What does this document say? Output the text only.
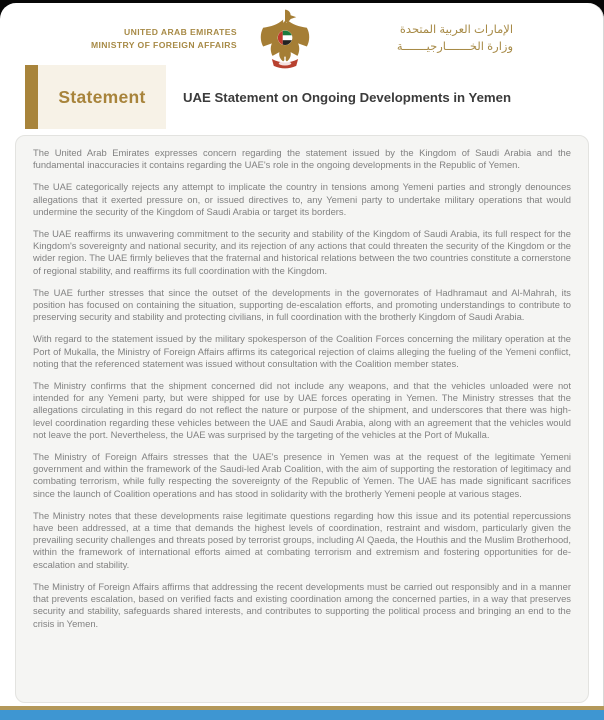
UNITED ARAB EMIRATES
MINISTRY OF FOREIGN AFFAIRS
الإمارات العربية المتحدة
وزارة الخـــــــارجيـــــــة
Statement	UAE Statement on Ongoing Developments in Yemen

The United Arab Emirates expresses concern regarding the statement issued by the Kingdom of Saudi Arabia and the fundamental inaccuracies it contains regarding the UAE's role in the ongoing developments in the Republic of Yemen.

The UAE categorically rejects any attempt to implicate the country in tensions among Yemeni parties and strongly denounces allegations that it exerted pressure on, or issued directives to, any Yemeni party to undertake military operations that would undermine the security of the Kingdom of Saudi Arabia or target its borders.

The UAE reaffirms its unwavering commitment to the security and stability of the Kingdom of Saudi Arabia, its full respect for the Kingdom's sovereignty and national security, and its rejection of any actions that could threaten the security of the Kingdom or the wider region. The UAE firmly believes that the fraternal and historical relations between the two countries constitute a cornerstone of regional stability, and reaffirms its full coordination with the Kingdom.

The UAE further stresses that since the outset of the developments in the governorates of Hadhramaut and Al-Mahrah, its position has focused on containing the situation, supporting de-escalation efforts, and promoting understandings to contribute to preserving security and stability and protecting civilians, in full coordination with the brotherly Kingdom of Saudi Arabia.

With regard to the statement issued by the military spokesperson of the Coalition Forces concerning the military operation at the Port of Mukalla, the Ministry of Foreign Affairs affirms its categorical rejection of claims alleging the fueling of the Yemeni conflict, noting that the referenced statement was issued without consultation with the Coalition member states.

The Ministry confirms that the shipment concerned did not include any weapons, and that the vehicles unloaded were not intended for any Yemeni party, but were shipped for use by UAE forces operating in Yemen. The Ministry stresses that the allegations circulating in this regard do not reflect the nature or purpose of the shipment, and underscores that there was high-level coordination regarding these vehicles between the UAE and Saudi Arabia, along with an agreement that the vehicles would not leave the port. Nevertheless, the UAE was surprised by the targeting of the vehicles at the Port of Mukalla.

The Ministry of Foreign Affairs stresses that the UAE's presence in Yemen was at the request of the legitimate Yemeni government and within the framework of the Saudi-led Arab Coalition, with the aim of supporting the restoration of legitimacy and combating terrorism, while fully respecting the sovereignty of the Republic of Yemen. The UAE has made significant sacrifices since the launch of Coalition operations and has stood in solidarity with the brotherly Yemeni people at various stages.

The Ministry notes that these developments raise legitimate questions regarding how this issue and its potential repercussions have been addressed, at a time that demands the highest levels of coordination, restraint and wisdom, particularly given the prevailing security challenges and threats posed by terrorist groups, including Al Qaeda, the Houthis and the Muslim Brotherhood, within the framework of international efforts aimed at combating terrorism and extremism and fostering opportunities for de-escalation and stability.

The Ministry of Foreign Affairs affirms that addressing the recent developments must be carried out responsibly and in a manner that prevents escalation, based on verified facts and existing coordination among the concerned parties, in a way that preserves security and stability, safeguards shared interests, and contributes to supporting the political process and bringing an end to the crisis in Yemen.
